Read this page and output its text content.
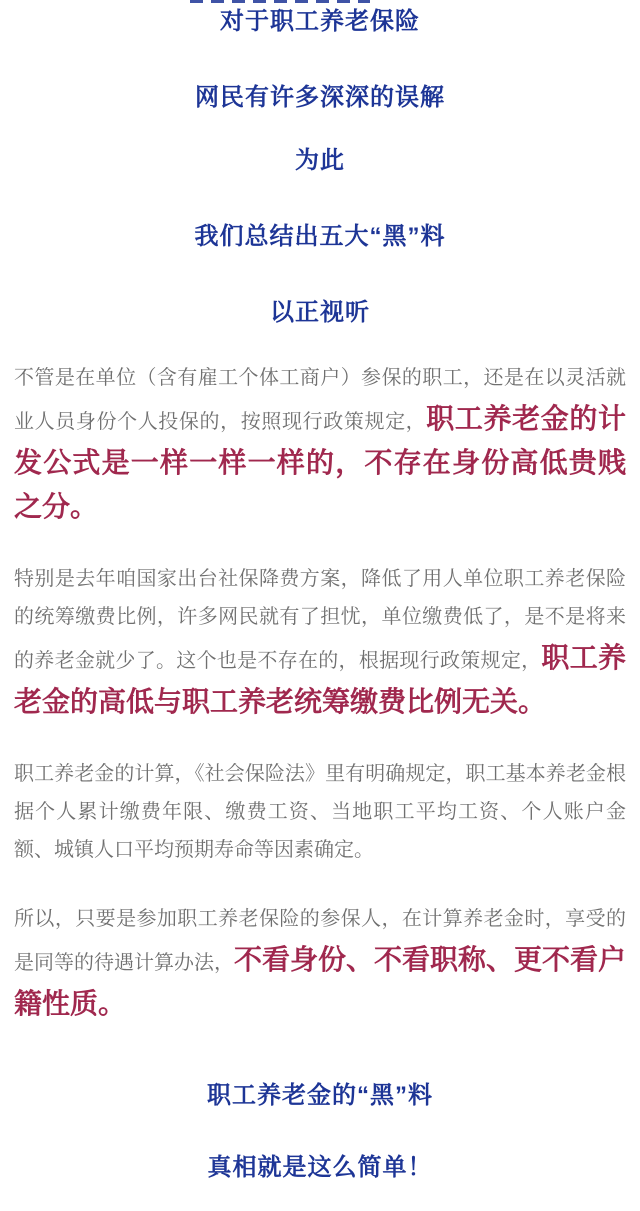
对于职工养老保险
网民有许多深深的误解
为此
我们总结出五大“黑”料
以正视听

不管是在单位（含有雇工个体工商户）参保的职工，还是在以灵活就业人员身份个人投保的，按照现行政策规定，职工养老金的计发公式是一样一样一样的，不存在身份高低贵贱之分。

特别是去年咱国家出台社保降费方案，降低了用人单位职工养老保险的统筹缴费比例，许多网民就有了担忧，单位缴费低了，是不是将来的养老金就少了。这个也是不存在的，根据现行政策规定，职工养老金的高低与职工养老统筹缴费比例无关。

职工养老金的计算，《社会保险法》里有明确规定，职工基本养老金根据个人累计缴费年限、缴费工资、当地职工平均工资、个人账户金额、城镇人口平均预期寿命等因素确定。

所以，只要是参加职工养老保险的参保人，在计算养老金时，享受的是同等的待遇计算办法，不看身份、不看职称、更不看户籍性质。

职工养老金的“黑”料
真相就是这么简单！
